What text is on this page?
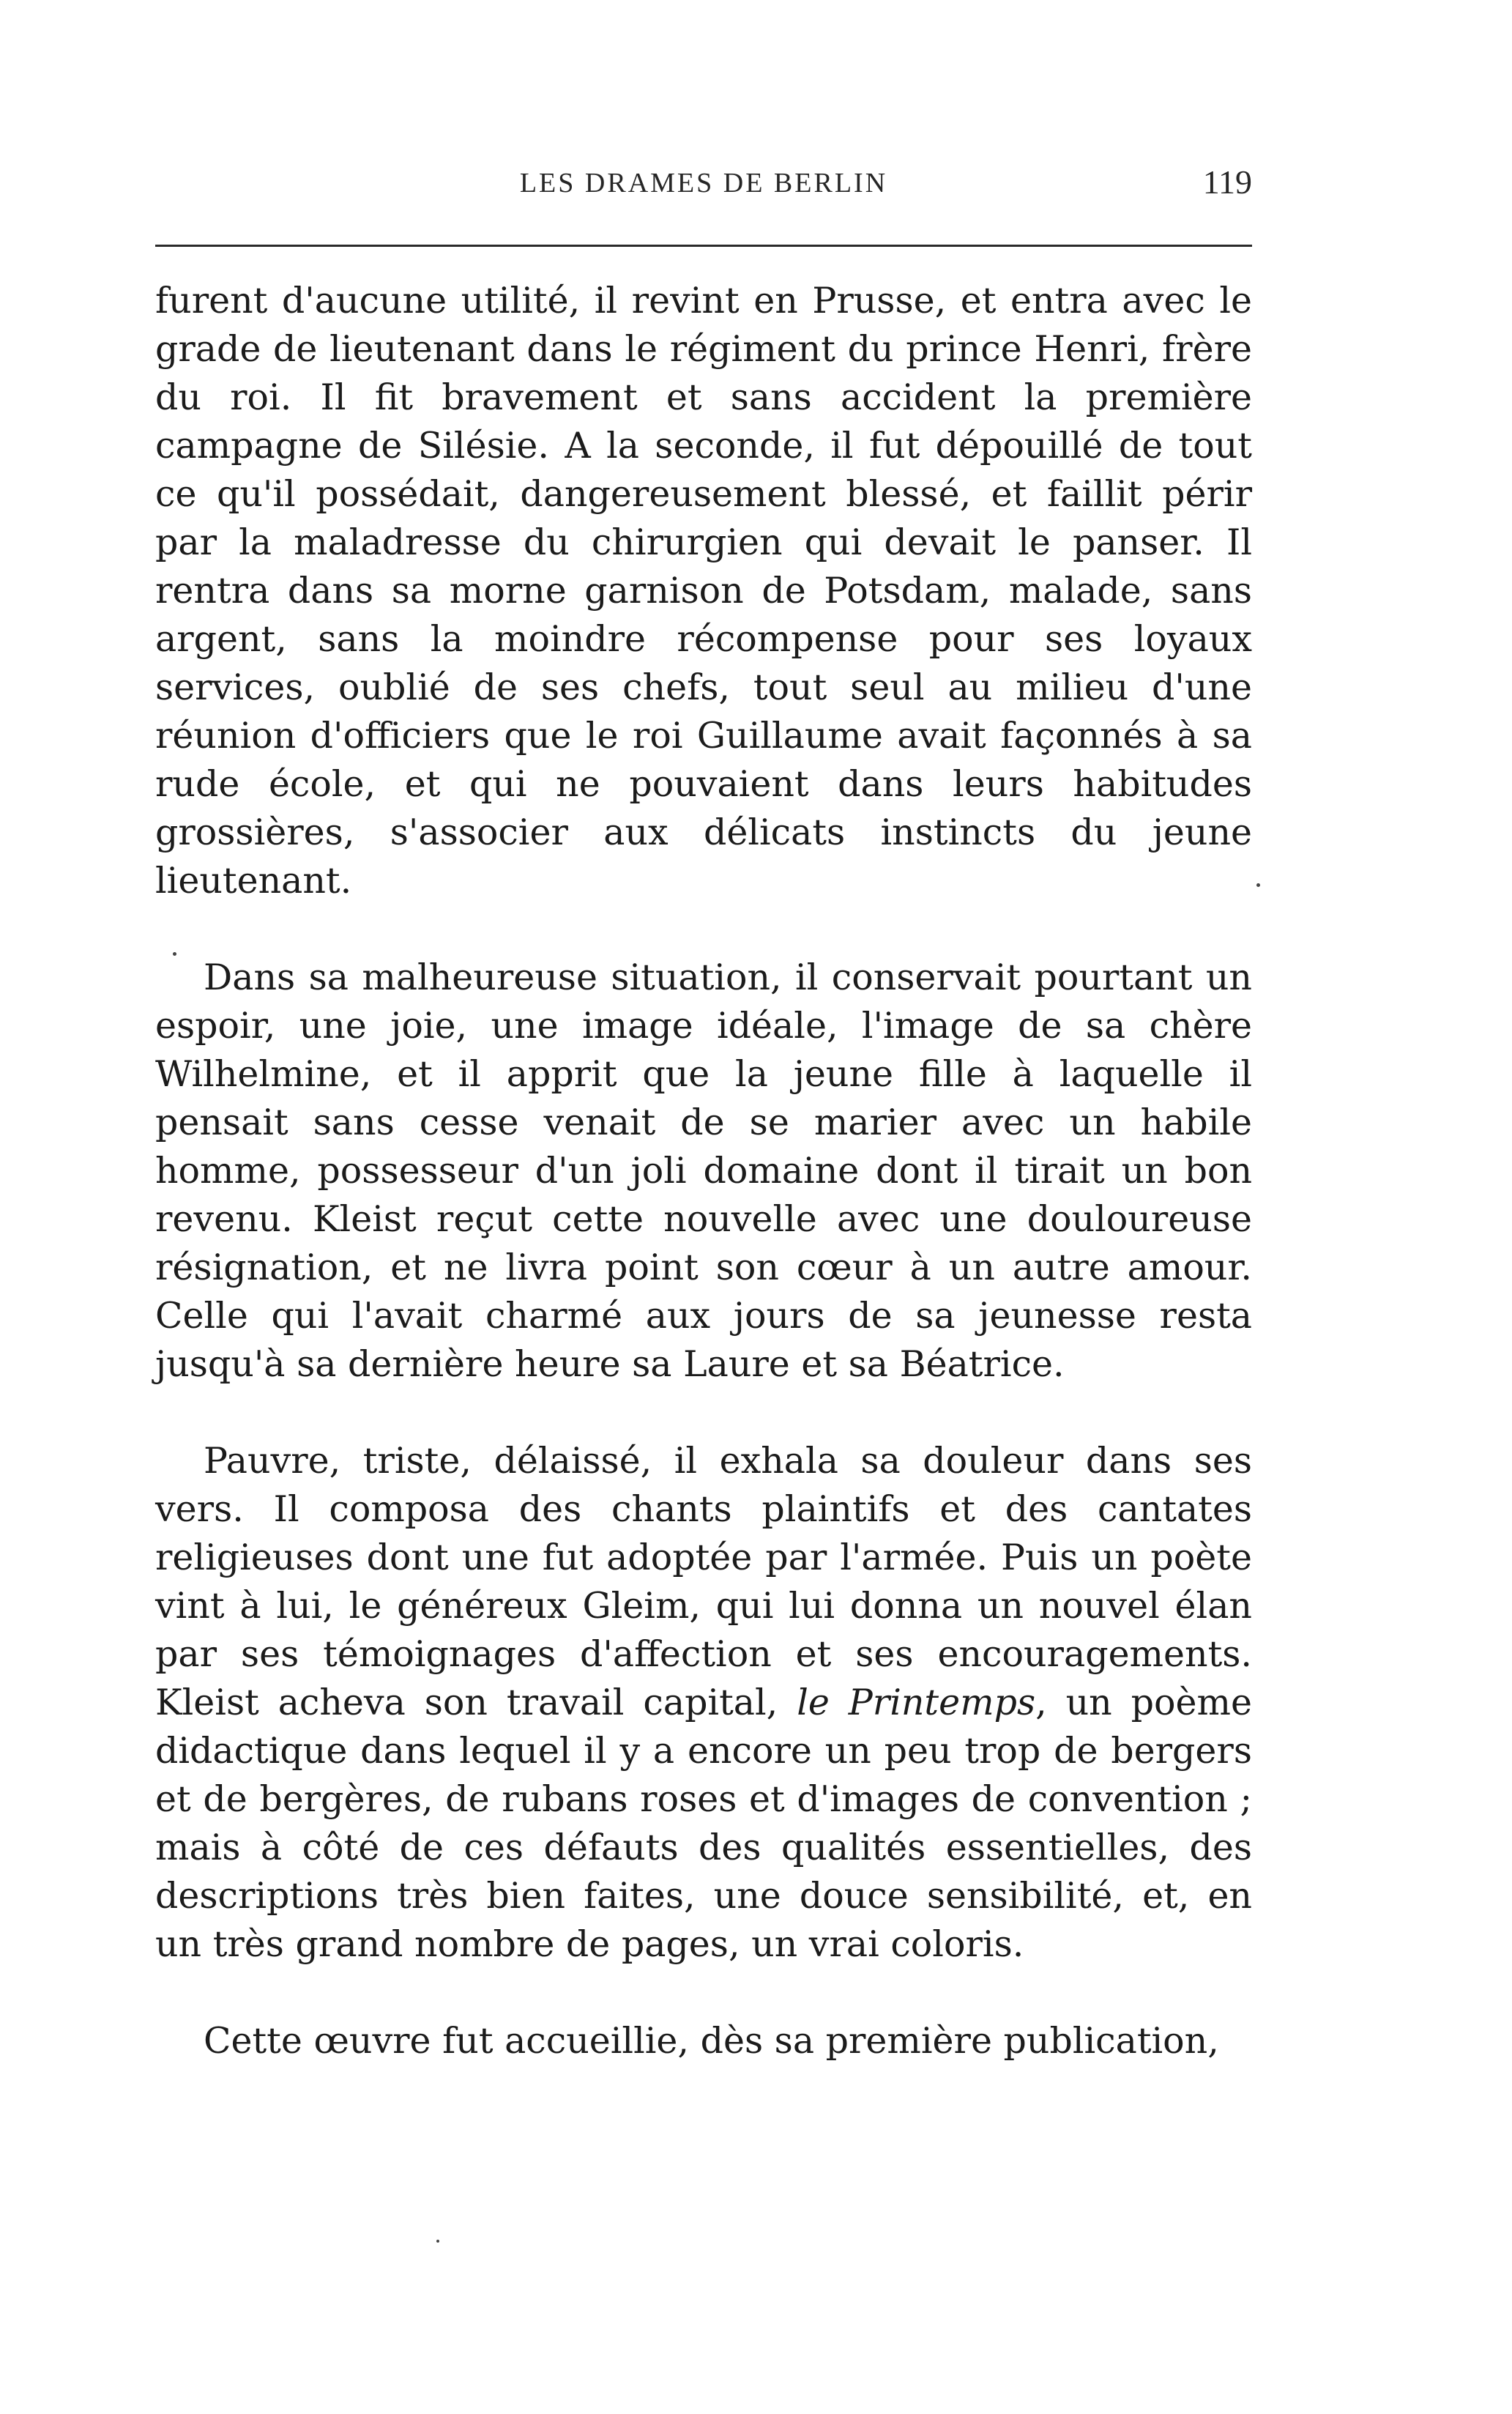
LES DRAMES DE BERLIN	119

furent d'aucune utilité, il revint en Prusse, et entra avec le grade de lieutenant dans le régiment du prince Henri, frère du roi. Il fit bravement et sans accident la première campagne de Silésie. A la seconde, il fut dépouillé de tout ce qu'il possédait, dangereusement blessé, et faillit périr par la maladresse du chirurgien qui devait le panser. Il rentra dans sa morne garnison de Potsdam, malade, sans argent, sans la moindre récompense pour ses loyaux services, oublié de ses chefs, tout seul au milieu d'une réunion d'officiers que le roi Guillaume avait façonnés à sa rude école, et qui ne pouvaient dans leurs habitudes grossières, s'associer aux délicats instincts du jeune lieutenant.

Dans sa malheureuse situation, il conservait pourtant un espoir, une joie, une image idéale, l'image de sa chère Wilhelmine, et il apprit que la jeune fille à laquelle il pensait sans cesse venait de se marier avec un habile homme, possesseur d'un joli domaine dont il tirait un bon revenu. Kleist reçut cette nouvelle avec une douloureuse résignation, et ne livra point son cœur à un autre amour. Celle qui l'avait charmé aux jours de sa jeunesse resta jusqu'à sa dernière heure sa Laure et sa Béatrice.

Pauvre, triste, délaissé, il exhala sa douleur dans ses vers. Il composa des chants plaintifs et des cantates religieuses dont une fut adoptée par l'armée. Puis un poète vint à lui, le généreux Gleim, qui lui donna un nouvel élan par ses témoignages d'affection et ses encouragements. Kleist acheva son travail capital, le Printemps, un poème didactique dans lequel il y a encore un peu trop de bergers et de bergères, de rubans roses et d'images de convention ; mais à côté de ces défauts des qualités essentielles, des descriptions très bien faites, une douce sensibilité, et, en un très grand nombre de pages, un vrai coloris.

Cette œuvre fut accueillie, dès sa première publication,
